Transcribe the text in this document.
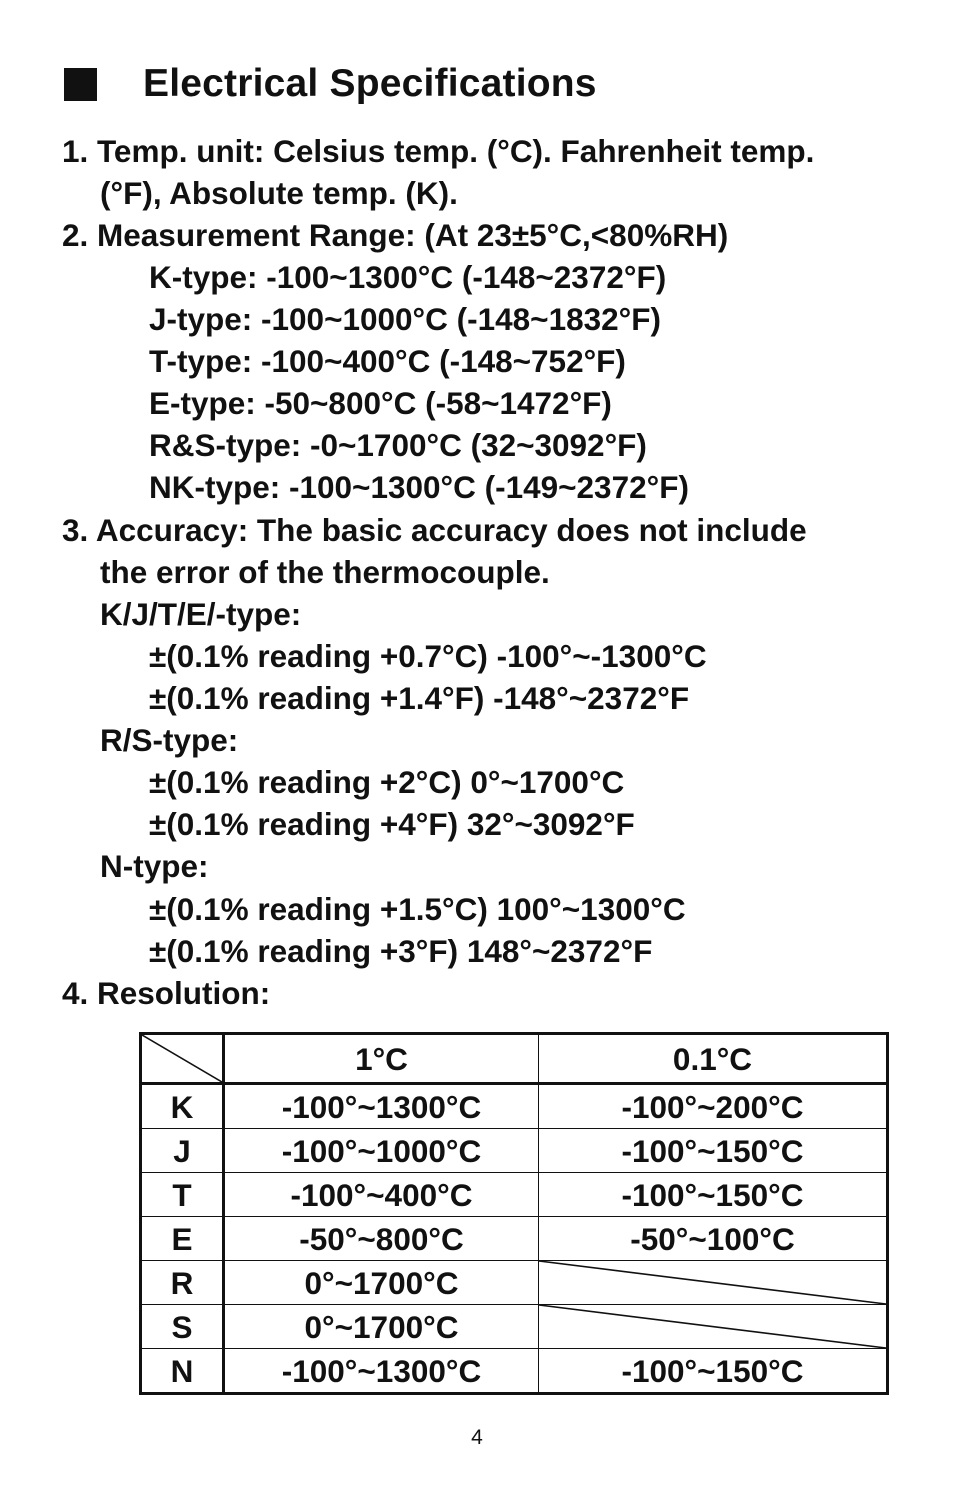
Electrical Specifications
1. Temp. unit: Celsius temp. (°C). Fahrenheit temp.
(°F), Absolute temp. (K).
2. Measurement Range: (At 23±5°C,<80%RH)
K-type: -100~1300°C (-148~2372°F)
J-type: -100~1000°C (-148~1832°F)
T-type: -100~400°C (-148~752°F)
E-type: -50~800°C (-58~1472°F)
R&S-type: -0~1700°C (32~3092°F)
NK-type: -100~1300°C (-149~2372°F)
3. Accuracy: The basic accuracy does not include
the error of the thermocouple.
K/J/T/E/-type:
±(0.1% reading +0.7°C) -100°~-1300°C
±(0.1% reading +1.4°F) -148°~2372°F
R/S-type:
±(0.1% reading +2°C) 0°~1700°C
±(0.1% reading +4°F) 32°~3092°F
N-type:
±(0.1% reading +1.5°C) 100°~1300°C
±(0.1% reading +3°F) 148°~2372°F
4. Resolution:
	1°C	0.1°C
K	-100°~1300°C	-100°~200°C
J	-100°~1000°C	-100°~150°C
T	-100°~400°C	-100°~150°C
E	-50°~800°C	-50°~100°C
R	0°~1700°C	

S	0°~1700°C	

N	-100°~1300°C	-100°~150°C
4
